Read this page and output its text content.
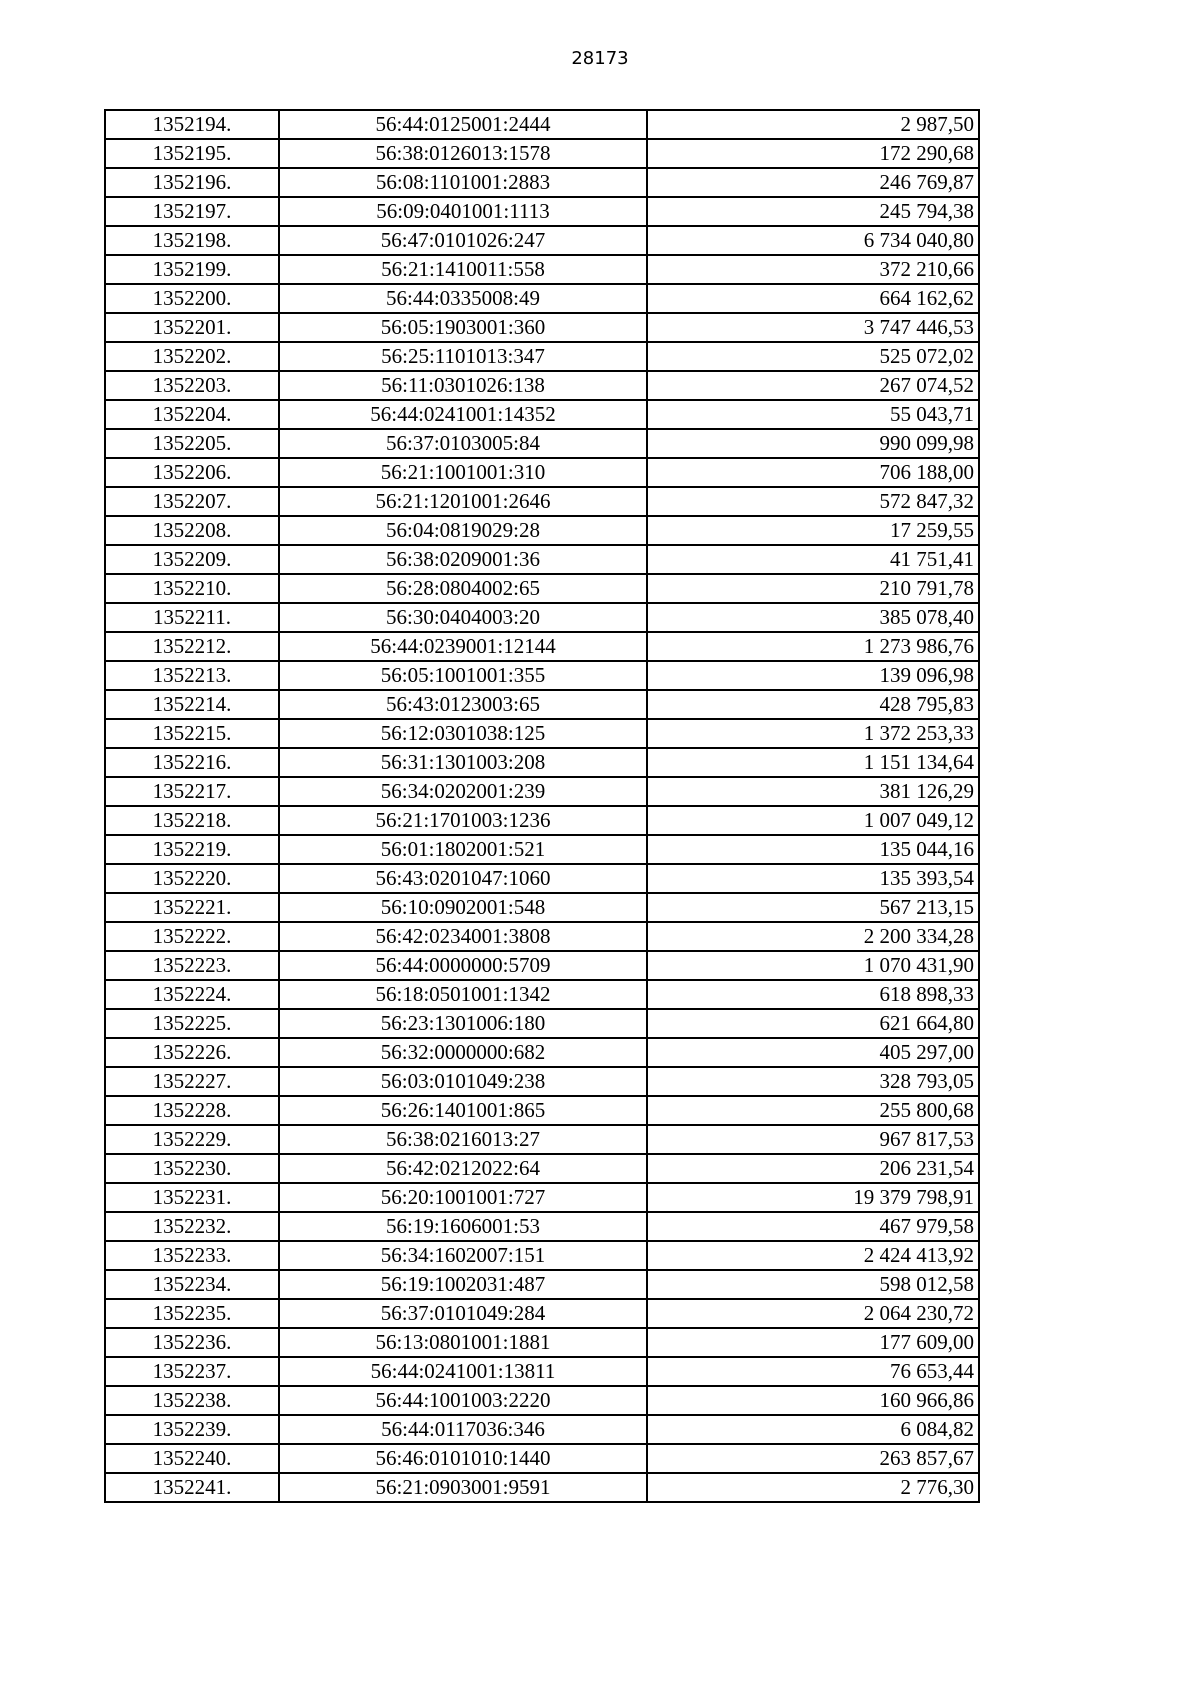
28173
1352194.	56:44:0125001:2444	2 987,50
1352195.	56:38:0126013:1578	172 290,68
1352196.	56:08:1101001:2883	246 769,87
1352197.	56:09:0401001:1113	245 794,38
1352198.	56:47:0101026:247	6 734 040,80
1352199.	56:21:1410011:558	372 210,66
1352200.	56:44:0335008:49	664 162,62
1352201.	56:05:1903001:360	3 747 446,53
1352202.	56:25:1101013:347	525 072,02
1352203.	56:11:0301026:138	267 074,52
1352204.	56:44:0241001:14352	55 043,71
1352205.	56:37:0103005:84	990 099,98
1352206.	56:21:1001001:310	706 188,00
1352207.	56:21:1201001:2646	572 847,32
1352208.	56:04:0819029:28	17 259,55
1352209.	56:38:0209001:36	41 751,41
1352210.	56:28:0804002:65	210 791,78
1352211.	56:30:0404003:20	385 078,40
1352212.	56:44:0239001:12144	1 273 986,76
1352213.	56:05:1001001:355	139 096,98
1352214.	56:43:0123003:65	428 795,83
1352215.	56:12:0301038:125	1 372 253,33
1352216.	56:31:1301003:208	1 151 134,64
1352217.	56:34:0202001:239	381 126,29
1352218.	56:21:1701003:1236	1 007 049,12
1352219.	56:01:1802001:521	135 044,16
1352220.	56:43:0201047:1060	135 393,54
1352221.	56:10:0902001:548	567 213,15
1352222.	56:42:0234001:3808	2 200 334,28
1352223.	56:44:0000000:5709	1 070 431,90
1352224.	56:18:0501001:1342	618 898,33
1352225.	56:23:1301006:180	621 664,80
1352226.	56:32:0000000:682	405 297,00
1352227.	56:03:0101049:238	328 793,05
1352228.	56:26:1401001:865	255 800,68
1352229.	56:38:0216013:27	967 817,53
1352230.	56:42:0212022:64	206 231,54
1352231.	56:20:1001001:727	19 379 798,91
1352232.	56:19:1606001:53	467 979,58
1352233.	56:34:1602007:151	2 424 413,92
1352234.	56:19:1002031:487	598 012,58
1352235.	56:37:0101049:284	2 064 230,72
1352236.	56:13:0801001:1881	177 609,00
1352237.	56:44:0241001:13811	76 653,44
1352238.	56:44:1001003:2220	160 966,86
1352239.	56:44:0117036:346	6 084,82
1352240.	56:46:0101010:1440	263 857,67
1352241.	56:21:0903001:9591	2 776,30
